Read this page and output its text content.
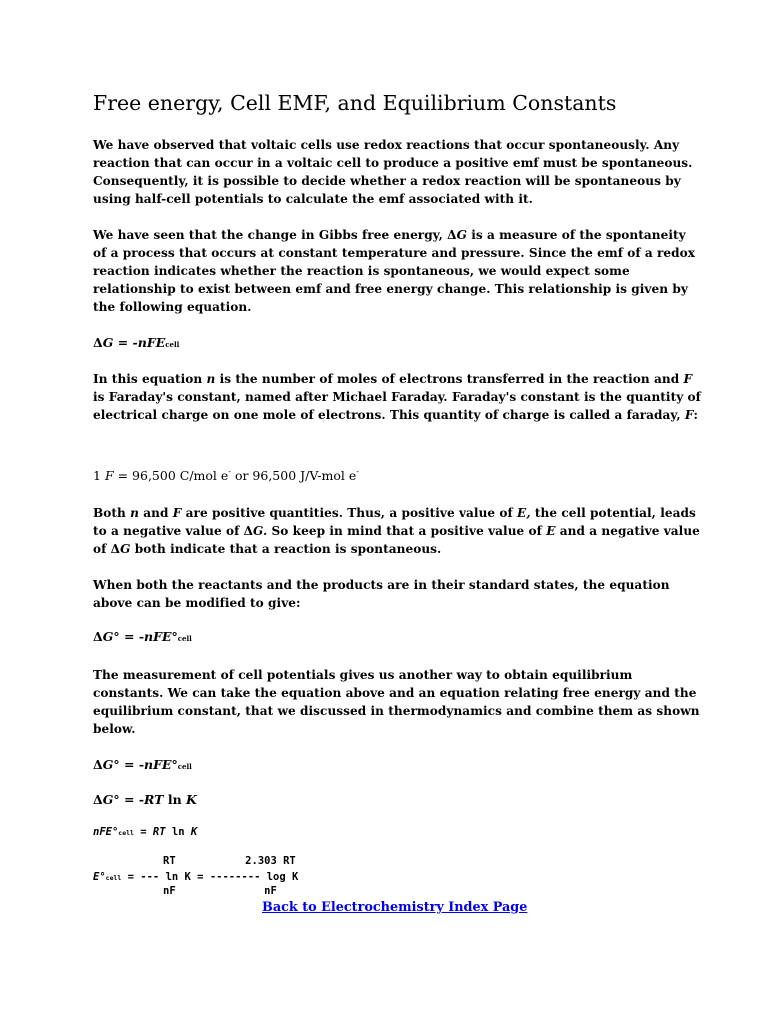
Free energy, Cell EMF, and Equilibrium Constants

We have observed that voltaic cells use redox reactions that occur spontaneously. Any reaction that can occur in a voltaic cell to produce a positive emf must be spontaneous. Consequently, it is possible to decide whether a redox reaction will be spontaneous by using half-cell potentials to calculate the emf associated with it.

We have seen that the change in Gibbs free energy, ΔG is a measure of the spontaneity of a process that occurs at constant temperature and pressure. Since the emf of a redox reaction indicates whether the reaction is spontaneous, we would expect some relationship to exist between emf and free energy change. This relationship is given by the following equation.

ΔG = -nFEcell

In this equation n is the number of moles of electrons transferred in the reaction and F is Faraday's constant, named after Michael Faraday. Faraday's constant is the quantity of electrical charge on one mole of electrons. This quantity of charge is called a faraday, F:

1 F = 96,500 C/mol e- or 96,500 J/V-mol e-

Both n and F are positive quantities. Thus, a positive value of E, the cell potential, leads to a negative value of ΔG. So keep in mind that a positive value of E and a negative value of ΔG both indicate that a reaction is spontaneous.

When both the reactants and the products are in their standard states, the equation above can be modified to give:

ΔG° = -nFE°cell

The measurement of cell potentials gives us another way to obtain equilibrium constants. We can take the equation above and an equation relating free energy and the equilibrium constant, that we discussed in thermodynamics and combine them as shown below.

ΔG° = -nFE°cell
ΔG° = -RT ln K
nFE°cell = RT ln K
RT           2.303 RT
E°cell = --- ln K = -------- log K
nF              nF
Back to Electrochemistry Index Page
